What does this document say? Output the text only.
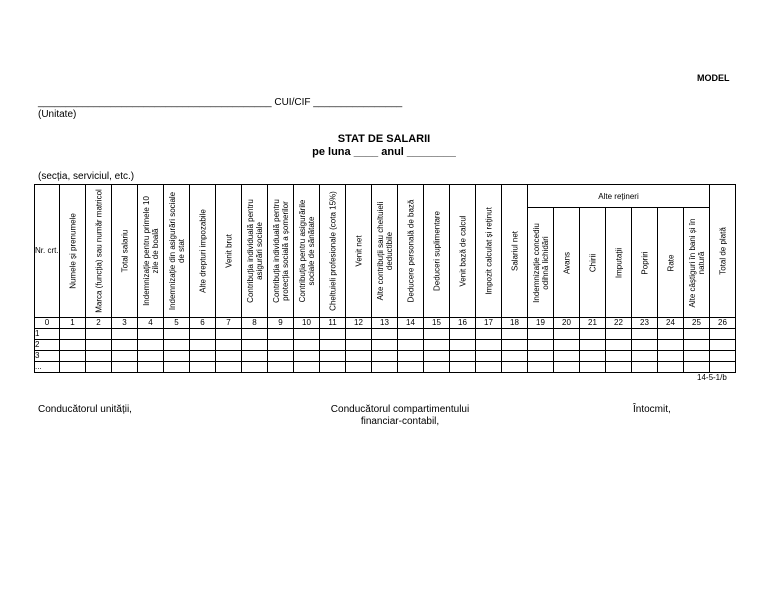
MODEL
__________________________________________ CUI/CIF ________________
(Unitate)
STAT DE SALARII
pe luna ____ anul ________
(secția, serviciul, etc.)
Nr. crt.	Numele și prenumele	Marca (funcția) sau număr matricol	Total salariu	Indemnizație pentru primele 10 zile de boală	Indemnizație din asigurări sociale de stat	Alte drepturi impozabile	Venit brut	Contribuția individuală pentru asigurări sociale	Contribuția individuală pentru protecția socială a șomerilor	Contribuția pentru asigurările sociale de sănătate	Cheltuieli profesionale (cota 15%)	Venit net	Alte contribuții sau cheltuieli deductibile	Deducere personală de bază	Deduceri suplimentare	Venit bază de calcul	Impozit calculat și reținut	Salariul net	Alte rețineri							Total de plată

																			Indemnizație concediu odihnă lichidări	Avans	Chirii	Imputații	Popriri	Rate	Alte câștiguri în bani și în natură	

0	1	2	3	4	5	6	7	8	9	10	11	12	13	14	15	16	17	18	19	20	21	22	23	24	25	26
1																										
2																										
3																										
...																										
14-5-1/b
Conducătorul unității,	Conducătorul compartimentului financiar-contabil,
Întocmit,
